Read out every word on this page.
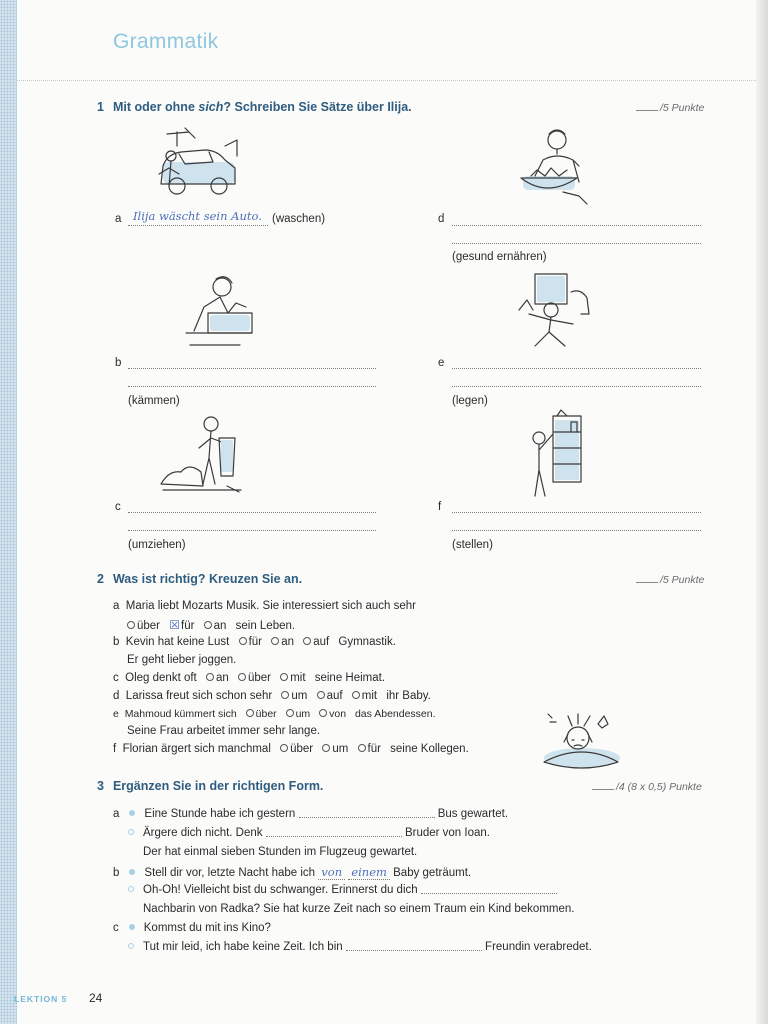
Grammatik
1 Mit oder ohne sich? Schreiben Sie Sätze über Ilija.	/5 Punkte
a	Ilija wäscht sein Auto. (waschen)	d
(gesund ernähren)
b
(kämmen)
e
(legen)
c
(umziehen)
f
(stellen)
2 Was ist richtig? Kreuzen Sie an.	/5 Punkte
a Maria liebt Mozarts Musik. Sie interessiert sich auch sehr
über ☒für an sein Leben.
b Kevin hat keine Lust für an auf Gymnastik.
Er geht lieber joggen.
c Oleg denkt oft an über mit seine Heimat.
d Larissa freut sich schon sehr um auf mit ihr Baby.
e Mahmoud kümmert sich über um von das Abendessen.
Seine Frau arbeitet immer sehr lange.
f Florian ärgert sich manchmal über um für seine Kollegen.
3 Ergänzen Sie in der richtigen Form.	/4 (8 x 0,5) Punkte
a Eine Stunde habe ich gestern	Bus gewartet.
Ärgere dich nicht. Denk	Bruder von Ioan.
Der hat einmal sieben Stunden im Flugzeug gewartet.
b Stell dir vor, letzte Nacht habe ich von einem Baby geträumt.
Oh-Oh! Vielleicht bist du schwanger. Erinnerst du dich
Nachbarin von Radka? Sie hat kurze Zeit nach so einem Traum ein Kind bekommen.
c Kommst du mit ins Kino?
Tut mir leid, ich habe keine Zeit. Ich bin	Freundin verabredet.
LEKTION 5 24
